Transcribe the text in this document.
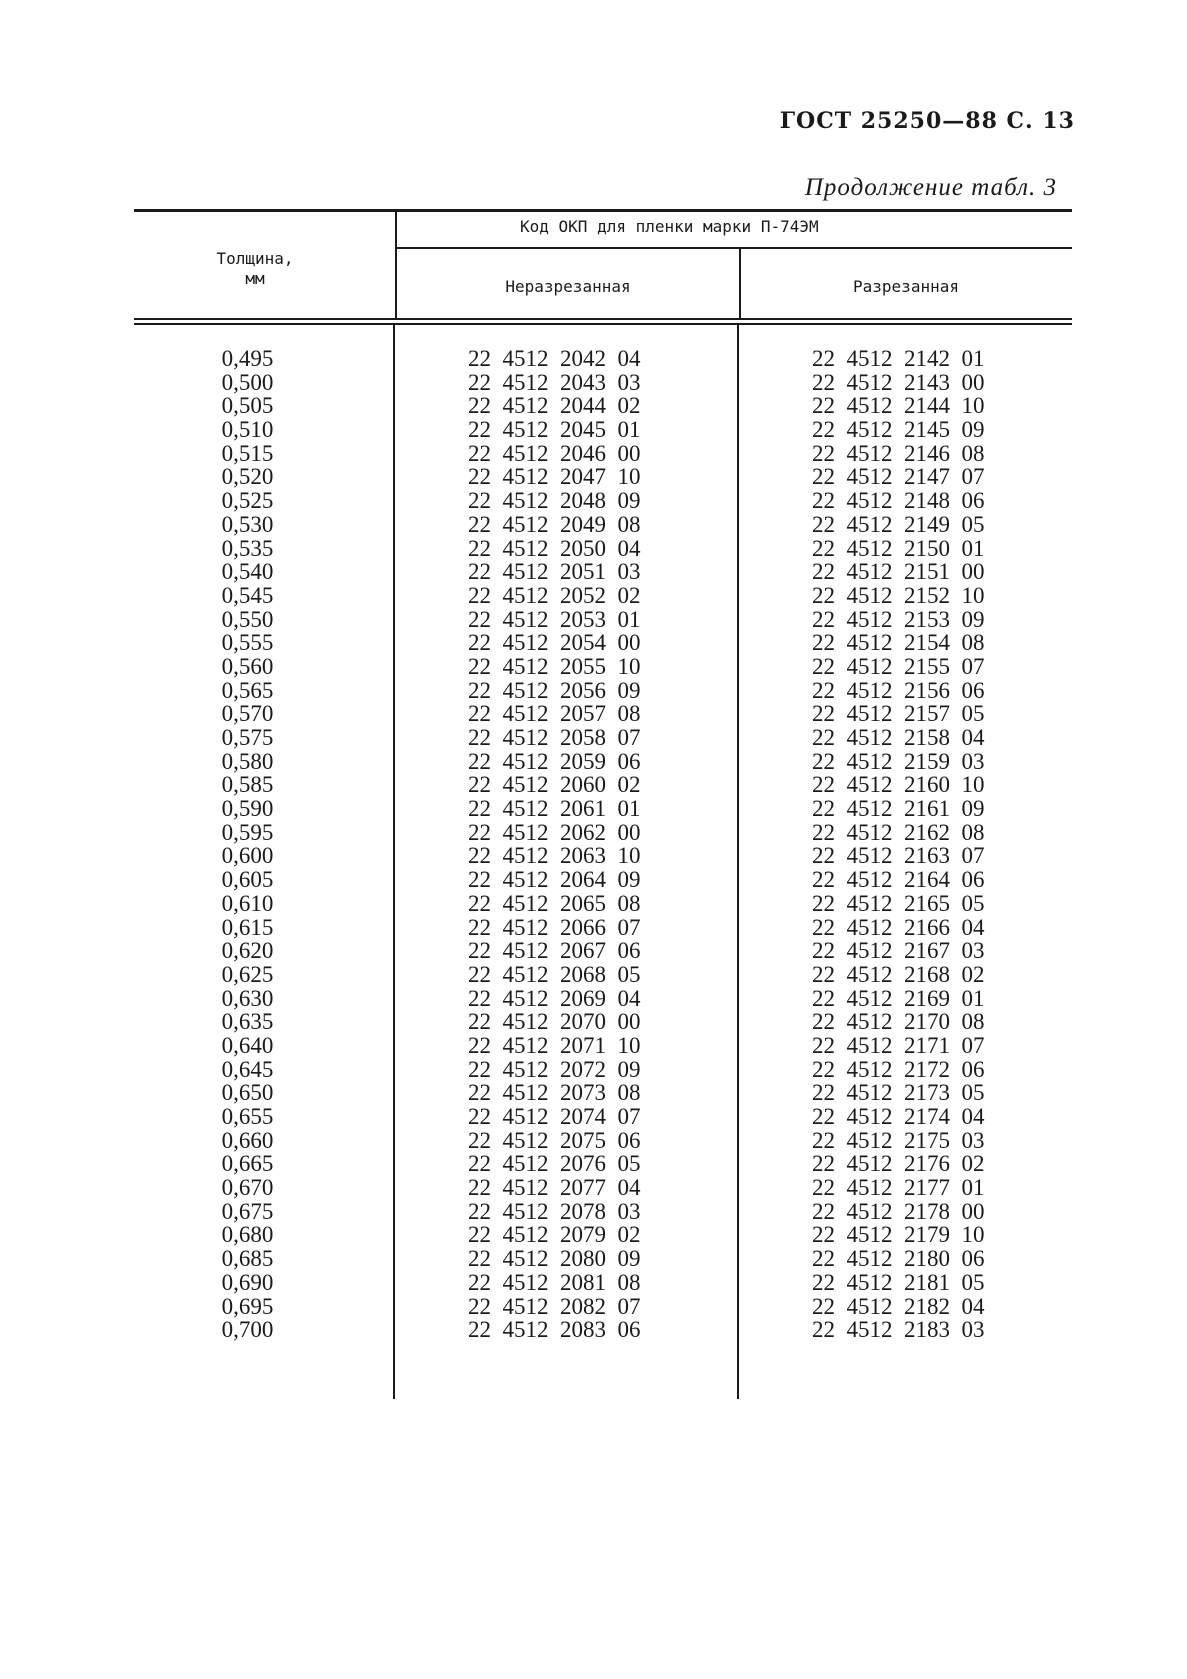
ГОСТ 25250—88 С. 13
Продолжение табл. 3
Толщина,
мм
Код ОКП для пленки марки П-74ЭМ
Неразрезанная	Разрезанная
0,495
0,500
0,505
0,510
0,515
0,520
0,525
0,530
0,535
0,540
0,545
0,550
0,555
0,560
0,565
0,570
0,575
0,580
0,585
0,590
0,595
0,600
0,605
0,610
0,615
0,620
0,625
0,630
0,635
0,640
0,645
0,650
0,655
0,660
0,665
0,670
0,675
0,680
0,685
0,690
0,695
0,700
22  4512  2042  04
22  4512  2043  03
22  4512  2044  02
22  4512  2045  01
22  4512  2046  00
22  4512  2047  10
22  4512  2048  09
22  4512  2049  08
22  4512  2050  04
22  4512  2051  03
22  4512  2052  02
22  4512  2053  01
22  4512  2054  00
22  4512  2055  10
22  4512  2056  09
22  4512  2057  08
22  4512  2058  07
22  4512  2059  06
22  4512  2060  02
22  4512  2061  01
22  4512  2062  00
22  4512  2063  10
22  4512  2064  09
22  4512  2065  08
22  4512  2066  07
22  4512  2067  06
22  4512  2068  05
22  4512  2069  04
22  4512  2070  00
22  4512  2071  10
22  4512  2072  09
22  4512  2073  08
22  4512  2074  07
22  4512  2075  06
22  4512  2076  05
22  4512  2077  04
22  4512  2078  03
22  4512  2079  02
22  4512  2080  09
22  4512  2081  08
22  4512  2082  07
22  4512  2083  06
22  4512  2142  01
22  4512  2143  00
22  4512  2144  10
22  4512  2145  09
22  4512  2146  08
22  4512  2147  07
22  4512  2148  06
22  4512  2149  05
22  4512  2150  01
22  4512  2151  00
22  4512  2152  10
22  4512  2153  09
22  4512  2154  08
22  4512  2155  07
22  4512  2156  06
22  4512  2157  05
22  4512  2158  04
22  4512  2159  03
22  4512  2160  10
22  4512  2161  09
22  4512  2162  08
22  4512  2163  07
22  4512  2164  06
22  4512  2165  05
22  4512  2166  04
22  4512  2167  03
22  4512  2168  02
22  4512  2169  01
22  4512  2170  08
22  4512  2171  07
22  4512  2172  06
22  4512  2173  05
22  4512  2174  04
22  4512  2175  03
22  4512  2176  02
22  4512  2177  01
22  4512  2178  00
22  4512  2179  10
22  4512  2180  06
22  4512  2181  05
22  4512  2182  04
22  4512  2183  03
